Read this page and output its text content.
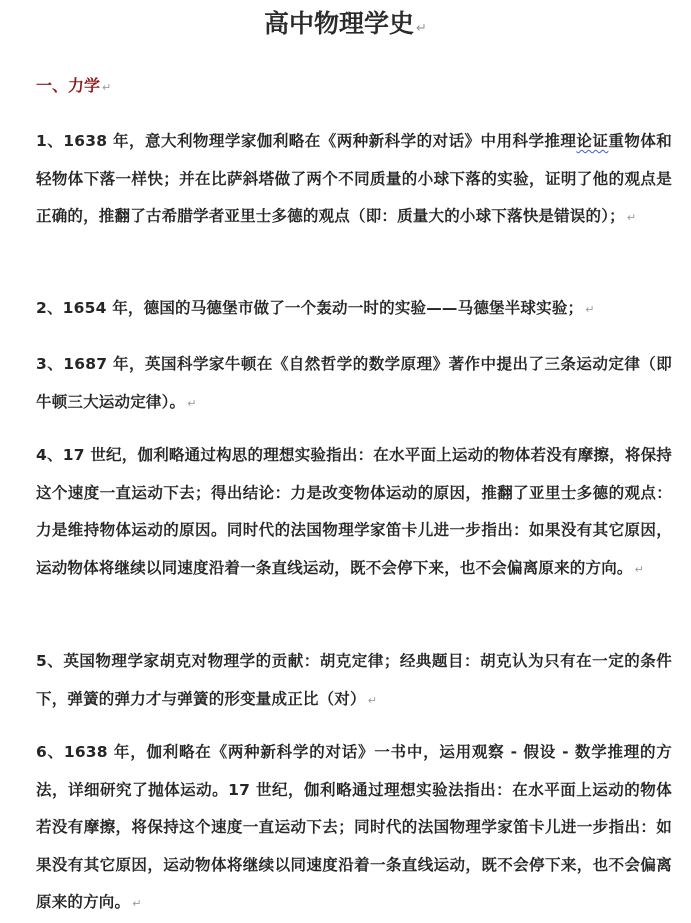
高中物理学史 ↵
一、力学 ↵
1、1638 年，意大利物理学家伽利略在《两种新科学的对话》中用科学推理论证重物体和轻物体下落一样快；并在比萨斜塔做了两个不同质量的小球下落的实验，证明了他的观点是正确的，推翻了古希腊学者亚里士多德的观点（即：质量大的小球下落快是错误的）； ↵
2、1654 年，德国的马德堡市做了一个轰动一时的实验——马德堡半球实验； ↵
3、1687 年，英国科学家牛顿在《自然哲学的数学原理》著作中提出了三条运动定律（即牛顿三大运动定律）。 ↵
4、17 世纪，伽利略通过构思的理想实验指出：在水平面上运动的物体若没有摩擦，将保持这个速度一直运动下去；得出结论：力是改变物体运动的原因，推翻了亚里士多德的观点：力是维持物体运动的原因。同时代的法国物理学家笛卡儿进一步指出：如果没有其它原因，运动物体将继续以同速度沿着一条直线运动，既不会停下来，也不会偏离原来的方向。 ↵
5、英国物理学家胡克对物理学的贡献：胡克定律；经典题目：胡克认为只有在一定的条件下，弹簧的弹力才与弹簧的形变量成正比（对） ↵
6、1638 年，伽利略在《两种新科学的对话》一书中，运用观察 - 假设 - 数学推理的方法，详细研究了抛体运动。17 世纪，伽利略通过理想实验法指出：在水平面上运动的物体若没有摩擦，将保持这个速度一直运动下去；同时代的法国物理学家笛卡儿进一步指出：如果没有其它原因，运动物体将继续以同速度沿着一条直线运动，既不会停下来，也不会偏离原来的方向。 ↵
